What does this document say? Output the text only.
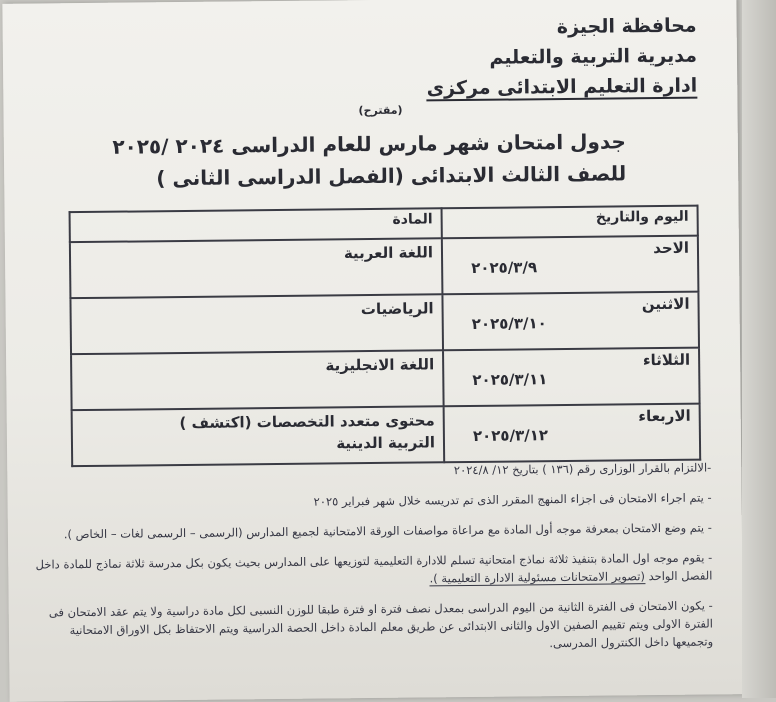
محافظة الجيزة
مديرية التربية والتعليم
ادارة التعليم الابتدائى مركزى
(مقترح)
جدول امتحان شهر مارس للعام الدراسى ٢٠٢٤ /٢٠٢٥
للصف الثالث الابتدائى (الفصل الدراسى الثانى )
اليوم والتاريخ	المادة

الاحد
٢٠٢٥/٣/٩	اللغة العربية

الاثنين
٢٠٢٥/٣/١٠	الرياضيات

الثلاثاء
٢٠٢٥/٣/١١	اللغة الانجليزية

الاربعاء
٢٠٢٥/٣/١٢	محتوى متعدد التخصصات (اكتشف )
التربية الدينية
-الالتزام بالقرار الوزارى رقم (١٣٦ ) بتاريخ ١٢/ ٢٠٢٤/٨
- يتم اجراء الامتحان فى اجزاء المنهج المقرر الذى تم تدريسه خلال شهر فبراير ٢٠٢٥
- يتم وضع الامتحان بمعرفة موجه أول المادة مع مراعاة مواصفات الورقة الامتحانية لجميع المدارس (الرسمى – الرسمى لغات – الخاص ).
- يقوم موجه اول المادة بتنفيذ ثلاثة نماذج امتحانية تسلم للادارة التعليمية لتوزيعها على المدارس بحيث يكون بكل مدرسة ثلاثة نماذج للمادة داخل الفصل الواحد (تصوير الامتحانات مسئولية الادارة التعليمية ).
- يكون الامتحان فى الفترة الثانية من اليوم الدراسى بمعدل نصف فترة او فترة طبقا للوزن النسبى لكل مادة دراسية ولا يتم عقد الامتحان فى الفترة الاولى ويتم تقييم الصفين الاول والثانى الابتدائى عن طريق معلم المادة داخل الحصة الدراسية ويتم الاحتفاظ بكل الاوراق الامتحانية وتجميعها داخل الكنترول المدرسى.
